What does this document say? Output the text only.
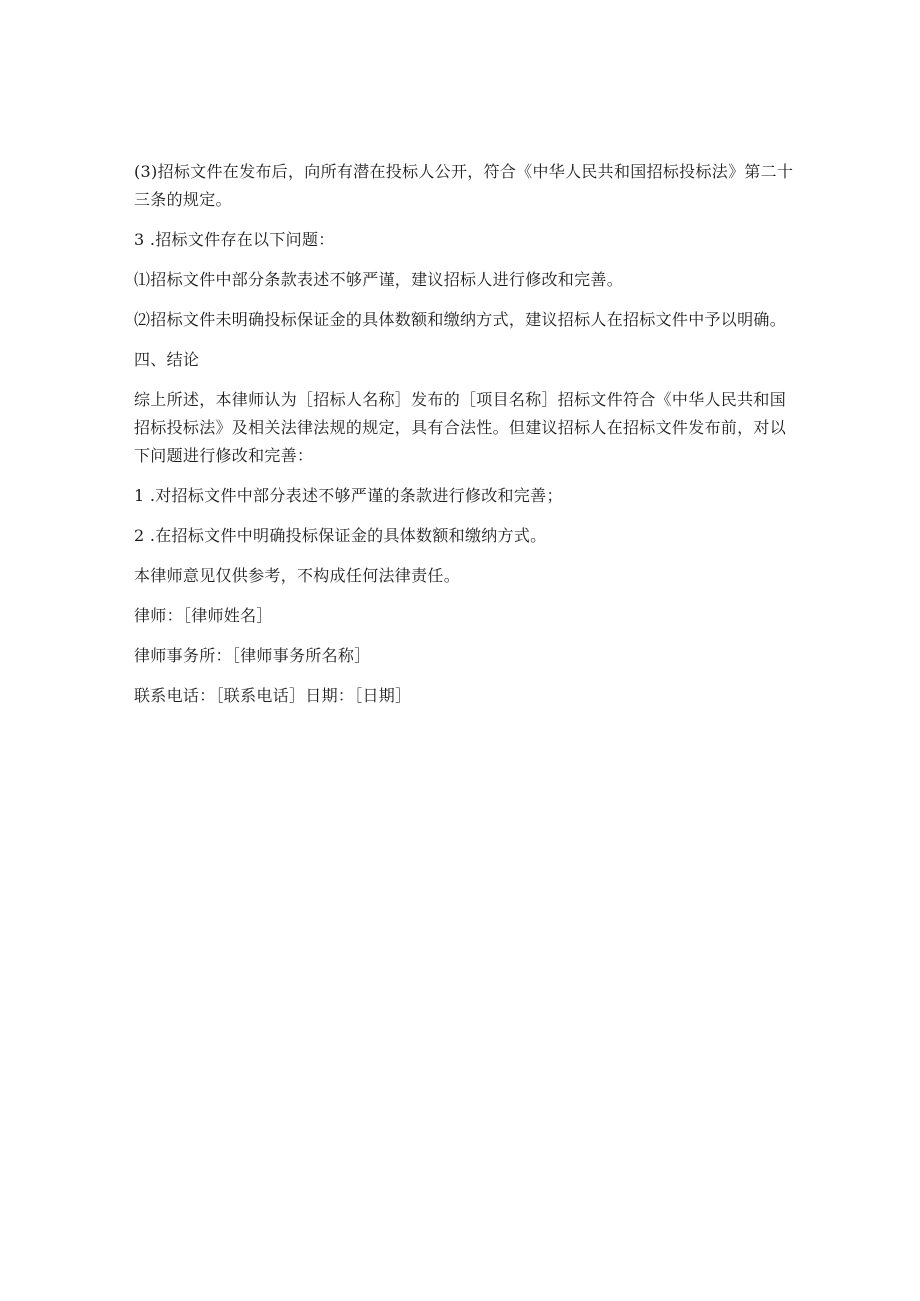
(3)招标文件在发布后，向所有潜在投标人公开，符合《中华人民共和国招标投标法》第二十三条的规定。

3 .招标文件存在以下问题：

⑴招标文件中部分条款表述不够严谨，建议招标人进行修改和完善。

⑵招标文件未明确投标保证金的具体数额和缴纳方式，建议招标人在招标文件中予以明确。

四、结论

综上所述，本律师认为［招标人名称］发布的［项目名称］招标文件符合《中华人民共和国招标投标法》及相关法律法规的规定，具有合法性。但建议招标人在招标文件发布前，对以下问题进行修改和完善：

1 .对招标文件中部分表述不够严谨的条款进行修改和完善；

2 .在招标文件中明确投标保证金的具体数额和缴纳方式。

本律师意见仅供参考，不构成任何法律责任。

律师：［律师姓名］

律师事务所：［律师事务所名称］

联系电话：［联系电话］日期：［日期］
